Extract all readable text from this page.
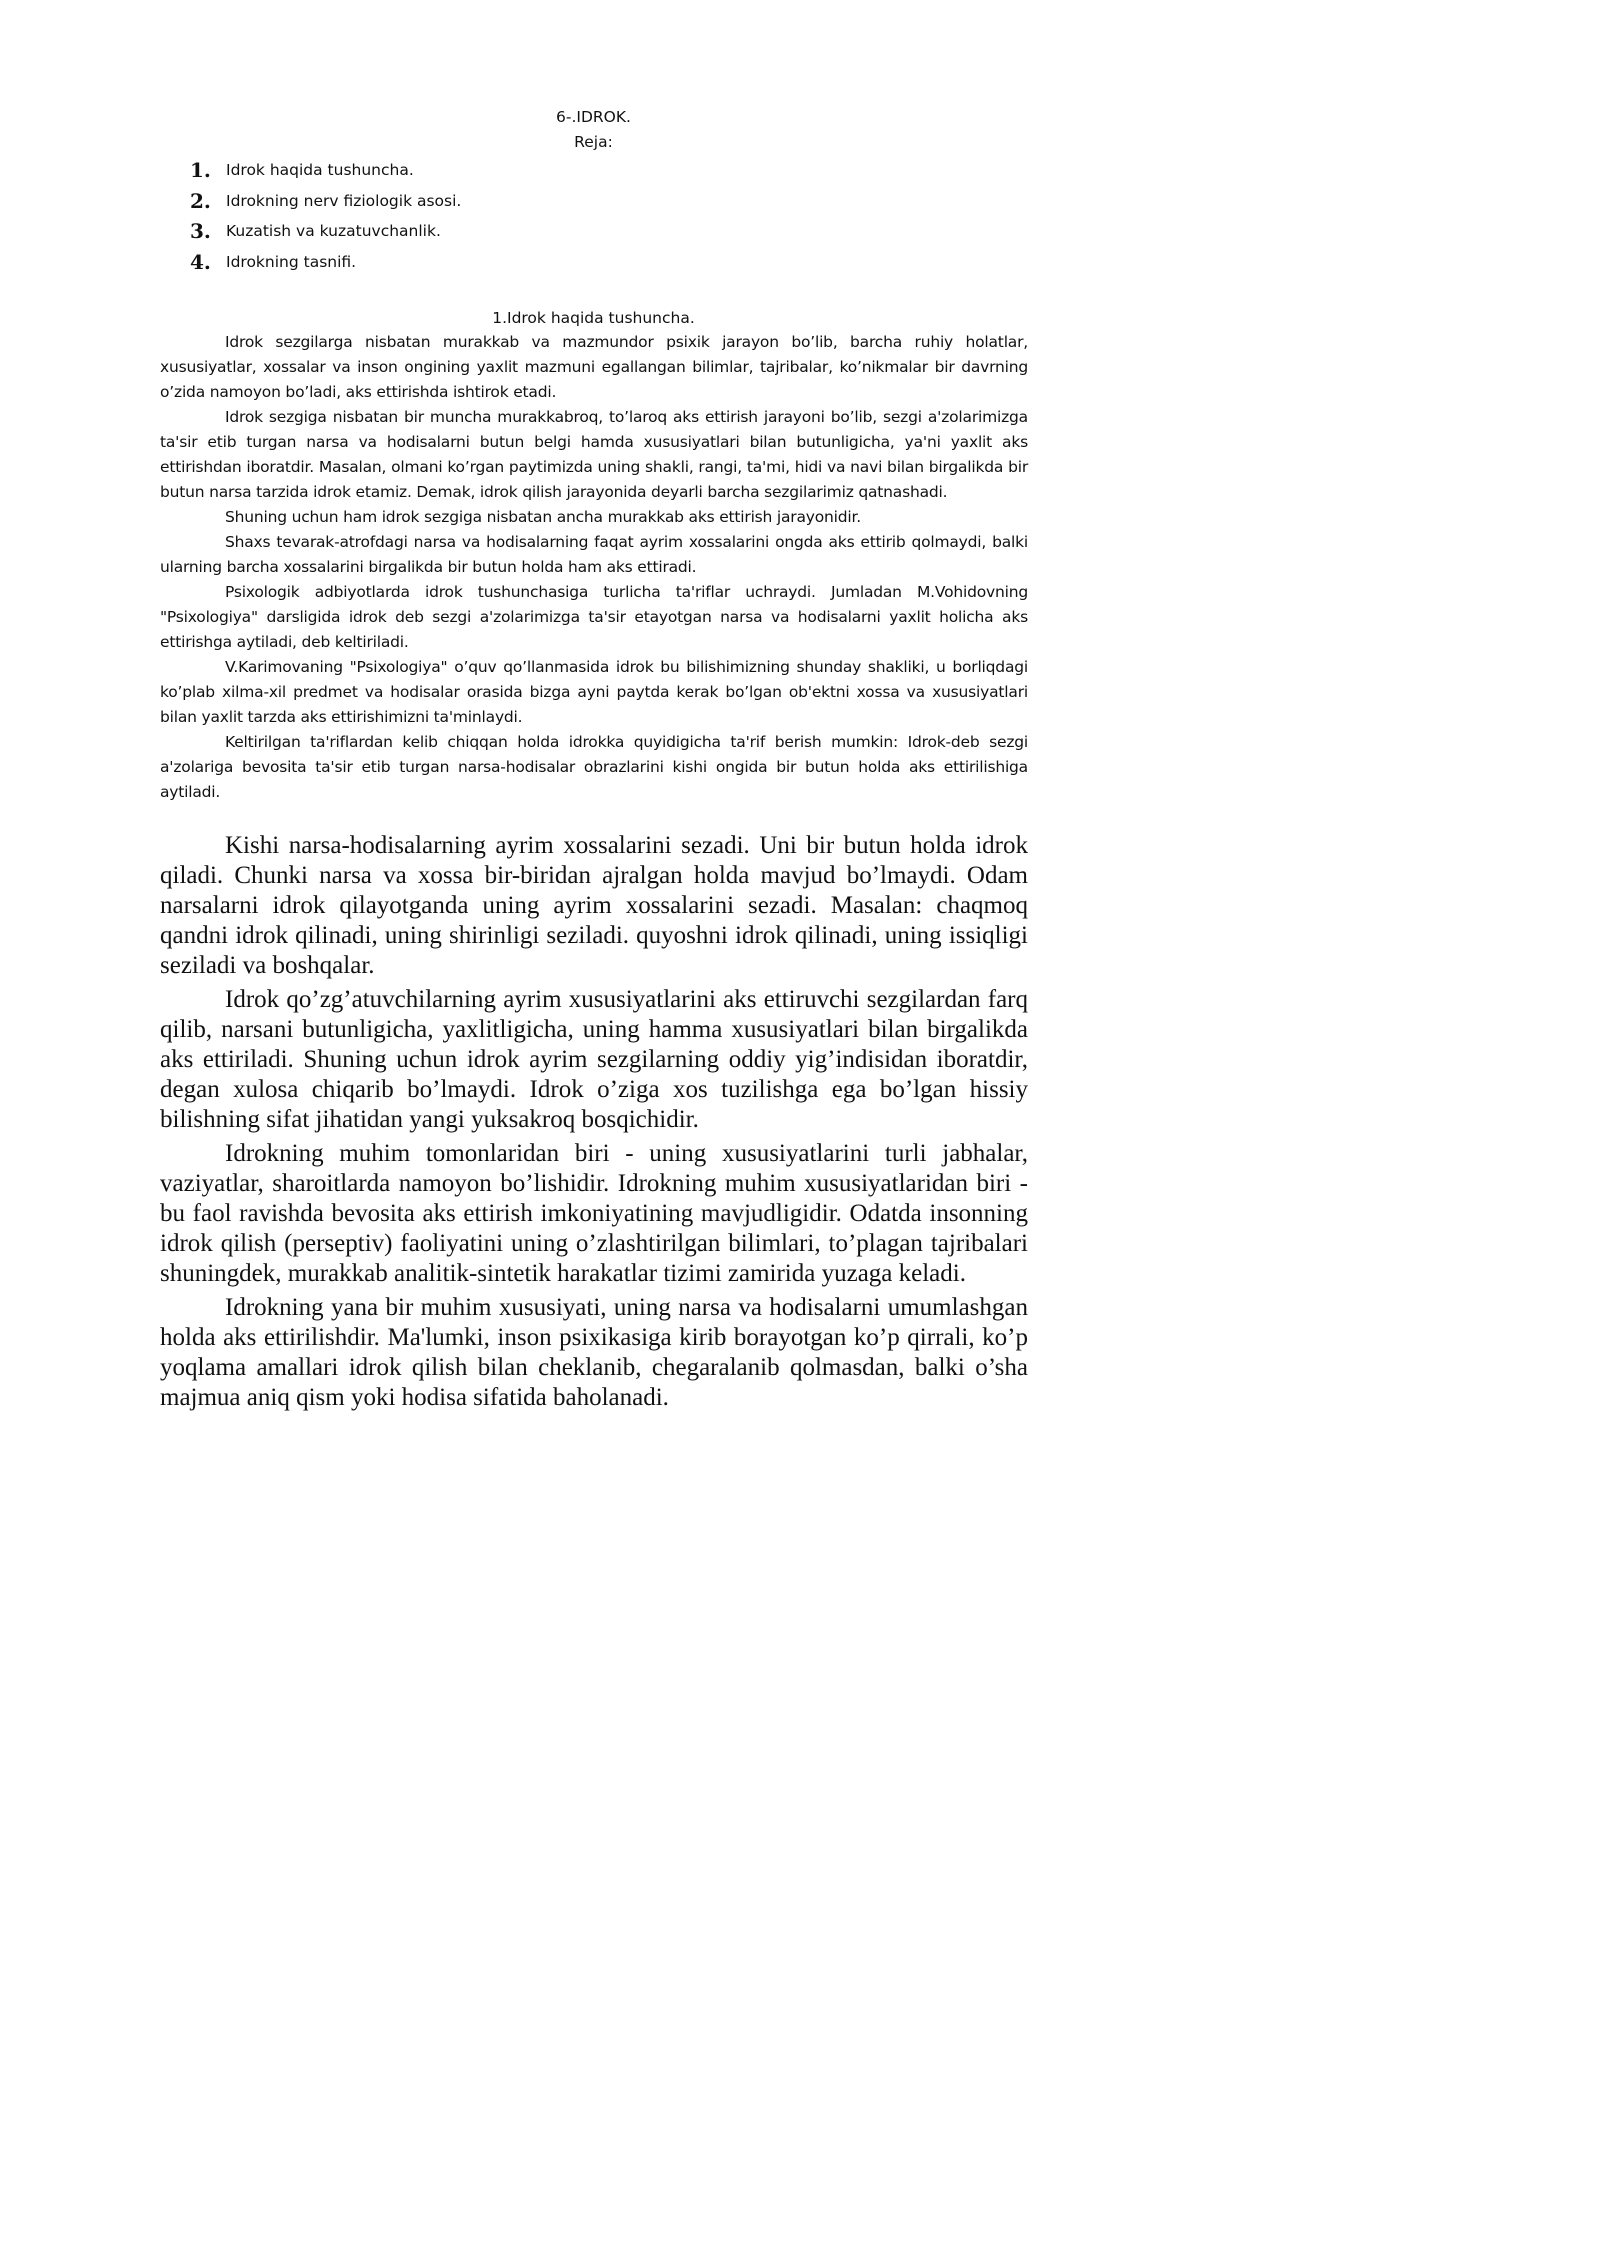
6-.IDROK.
Reja:
1. Idrok haqida tushuncha.
2. Idrokning nerv fiziologik asosi.
3. Kuzatish va kuzatuvchanlik.
4. Idrokning tasnifi.
1.Idrok haqida tushuncha.

Idrok sezgilarga nisbatan murakkab va mazmundor psixik jarayon bo’lib, barcha ruhiy holatlar, xususiyatlar, xossalar va inson ongining yaxlit mazmuni egallangan bilimlar, tajribalar, ko’nikmalar bir davrning o’zida namoyon bo’ladi, aks ettirishda ishtirok etadi.

Idrok sezgiga nisbatan bir muncha murakkabroq, to’laroq aks ettirish jarayoni bo’lib, sezgi a'zolarimizga ta'sir etib turgan narsa va hodisalarni butun belgi hamda xususiyatlari bilan butunligicha, ya'ni yaxlit aks ettirishdan iboratdir. Masalan, olmani ko’rgan paytimizda uning shakli, rangi, ta'mi, hidi va navi bilan birgalikda bir butun narsa tarzida idrok etamiz. Demak, idrok qilish jarayonida deyarli barcha sezgilarimiz qatnashadi.

Shuning uchun ham idrok sezgiga nisbatan ancha murakkab aks ettirish jarayonidir.

Shaxs tevarak-atrofdagi narsa va hodisalarning faqat ayrim xossalarini ongda aks ettirib qolmaydi, balki ularning barcha xossalarini birgalikda bir butun holda ham aks ettiradi.

Psixologik adbiyotlarda idrok tushunchasiga turlicha ta'riflar uchraydi. Jumladan M.Vohidovning "Psixologiya" darsligida idrok deb sezgi a'zolarimizga ta'sir etayotgan narsa va hodisalarni yaxlit holicha aks ettirishga aytiladi, deb keltiriladi.

V.Karimovaning "Psixologiya" o’quv qo’llanmasida idrok bu bilishimizning shunday shakliki, u borliqdagi ko’plab xilma-xil predmet va hodisalar orasida bizga ayni paytda kerak bo’lgan ob'ektni xossa va xususiyatlari bilan yaxlit tarzda aks ettirishimizni ta'minlaydi.

Keltirilgan ta'riflardan kelib chiqqan holda idrokka quyidigicha ta'rif berish mumkin: Idrok-deb sezgi a'zolariga bevosita ta'sir etib turgan narsa-hodisalar obrazlarini kishi ongida bir butun holda aks ettirilishiga aytiladi.

Kishi narsa-hodisalarning ayrim xossalarini sezadi. Uni bir butun holda idrok qiladi. Chunki narsa va xossa bir-biridan ajralgan holda mavjud bo’lmaydi. Odam narsalarni idrok qilayotganda uning ayrim xossalarini sezadi. Masalan: chaqmoq qandni idrok qilinadi, uning shirinligi seziladi. quyoshni idrok qilinadi, uning issiqligi seziladi va boshqalar.

Idrok qo’zg’atuvchilarning ayrim xususiyatlarini aks ettiruvchi sezgilardan farq qilib, narsani butunligicha, yaxlitligicha, uning hamma xususiyatlari bilan birgalikda aks ettiriladi. Shuning uchun idrok ayrim sezgilarning oddiy yig’indisidan iboratdir, degan xulosa chiqarib bo’lmaydi. Idrok o’ziga xos tuzilishga ega bo’lgan hissiy bilishning sifat jihatidan yangi yuksakroq bosqichidir.

Idrokning muhim tomonlaridan biri - uning xususiyatlarini turli jabhalar, vaziyatlar, sharoitlarda namoyon bo’lishidir. Idrokning muhim xususiyatlaridan biri - bu faol ravishda bevosita aks ettirish imkoniyatining mavjudligidir. Odatda insonning idrok qilish (perseptiv) faoliyatini uning o’zlashtirilgan bilimlari, to’plagan tajribalari shuningdek, murakkab analitik-sintetik harakatlar tizimi zamirida yuzaga keladi.

Idrokning yana bir muhim xususiyati, uning narsa va hodisalarni umumlashgan holda aks ettirilishdir. Ma'lumki, inson psixikasiga kirib borayotgan ko’p qirrali, ko’p yoqlama amallari idrok qilish bilan cheklanib, chegaralanib qolmasdan, balki o’sha majmua aniq qism yoki hodisa sifatida baholanadi.
